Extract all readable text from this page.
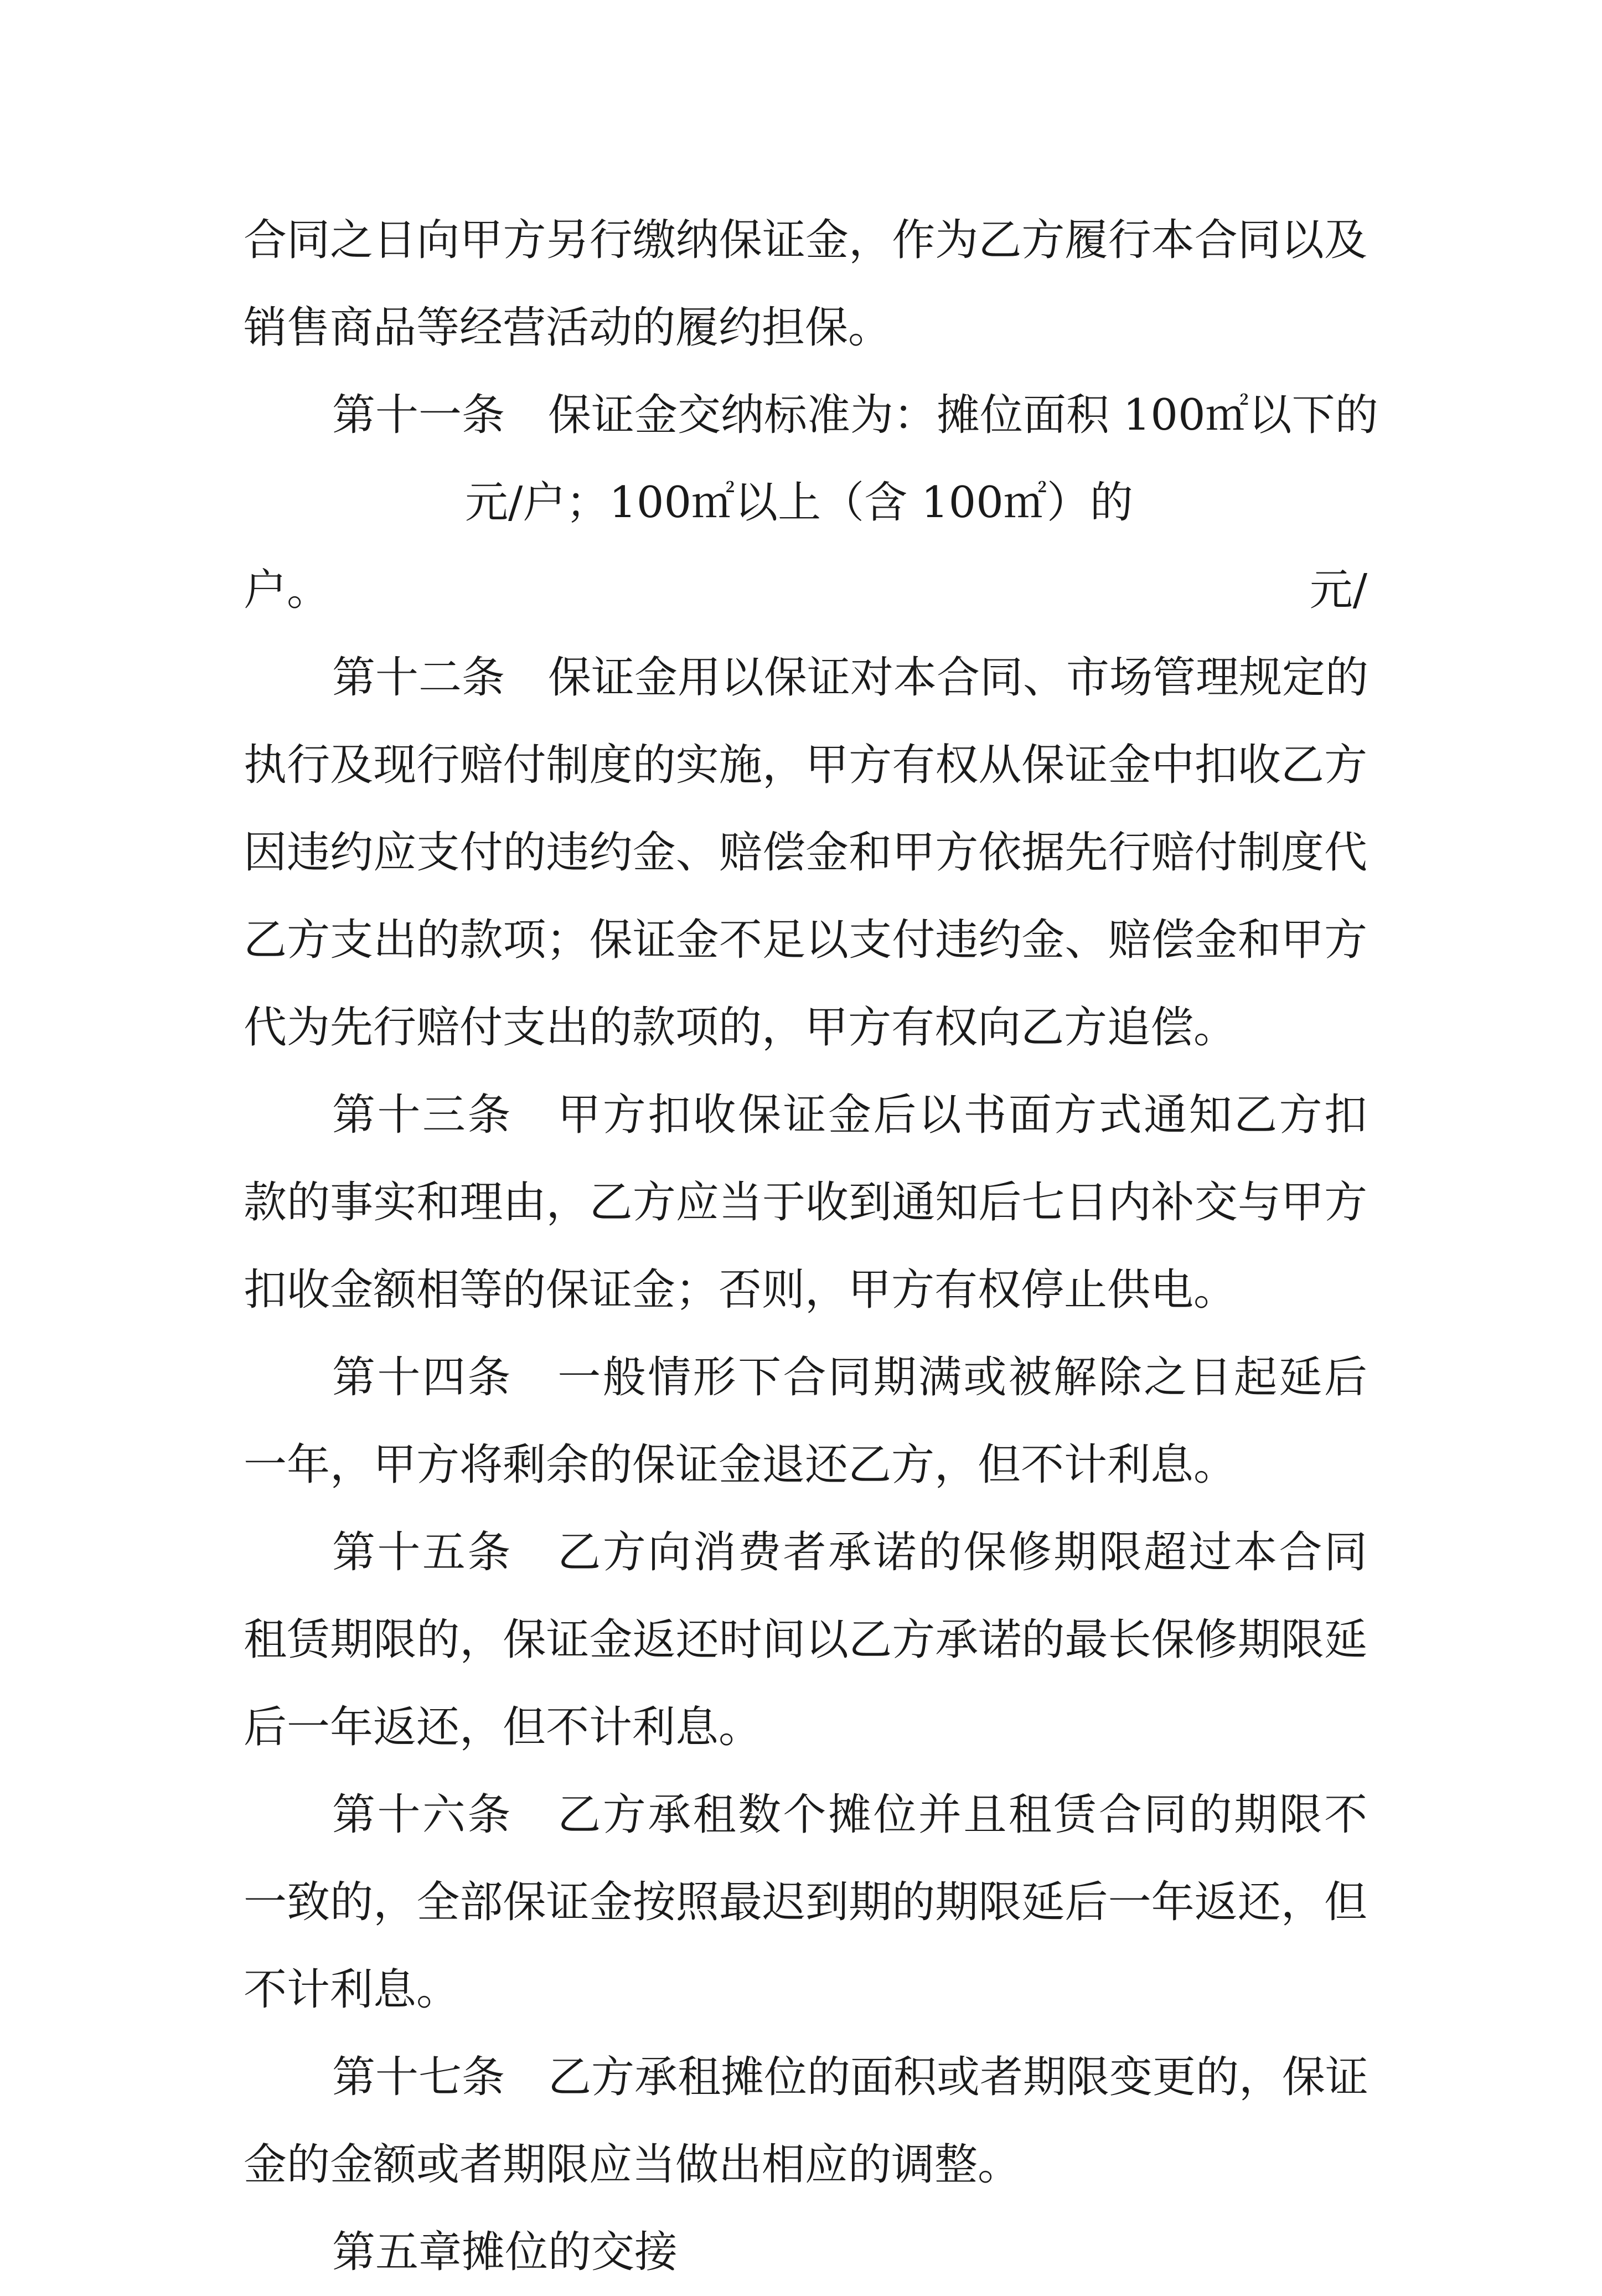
合同之日向甲方另行缴纳保证金，作为乙方履行本合同以及
销售商品等经营活动的履约担保。
第十一条　保证金交纳标准为：摊位面积 100㎡以下的
元/户；100㎡以上（含 100㎡）的
元/
户。
第十二条　保证金用以保证对本合同、市场管理规定的
执行及现行赔付制度的实施，甲方有权从保证金中扣收乙方
因违约应支付的违约金、赔偿金和甲方依据先行赔付制度代
乙方支出的款项；保证金不足以支付违约金、赔偿金和甲方
代为先行赔付支出的款项的，甲方有权向乙方追偿。
第十三条　甲方扣收保证金后以书面方式通知乙方扣
款的事实和理由，乙方应当于收到通知后七日内补交与甲方
扣收金额相等的保证金；否则，甲方有权停止供电。
第十四条　一般情形下合同期满或被解除之日起延后
一年，甲方将剩余的保证金退还乙方，但不计利息。
第十五条　乙方向消费者承诺的保修期限超过本合同
租赁期限的，保证金返还时间以乙方承诺的最长保修期限延
后一年返还，但不计利息。
第十六条　乙方承租数个摊位并且租赁合同的期限不
一致的，全部保证金按照最迟到期的期限延后一年返还，但
不计利息。
第十七条　乙方承租摊位的面积或者期限变更的，保证
金的金额或者期限应当做出相应的调整。
第五章摊位的交接
